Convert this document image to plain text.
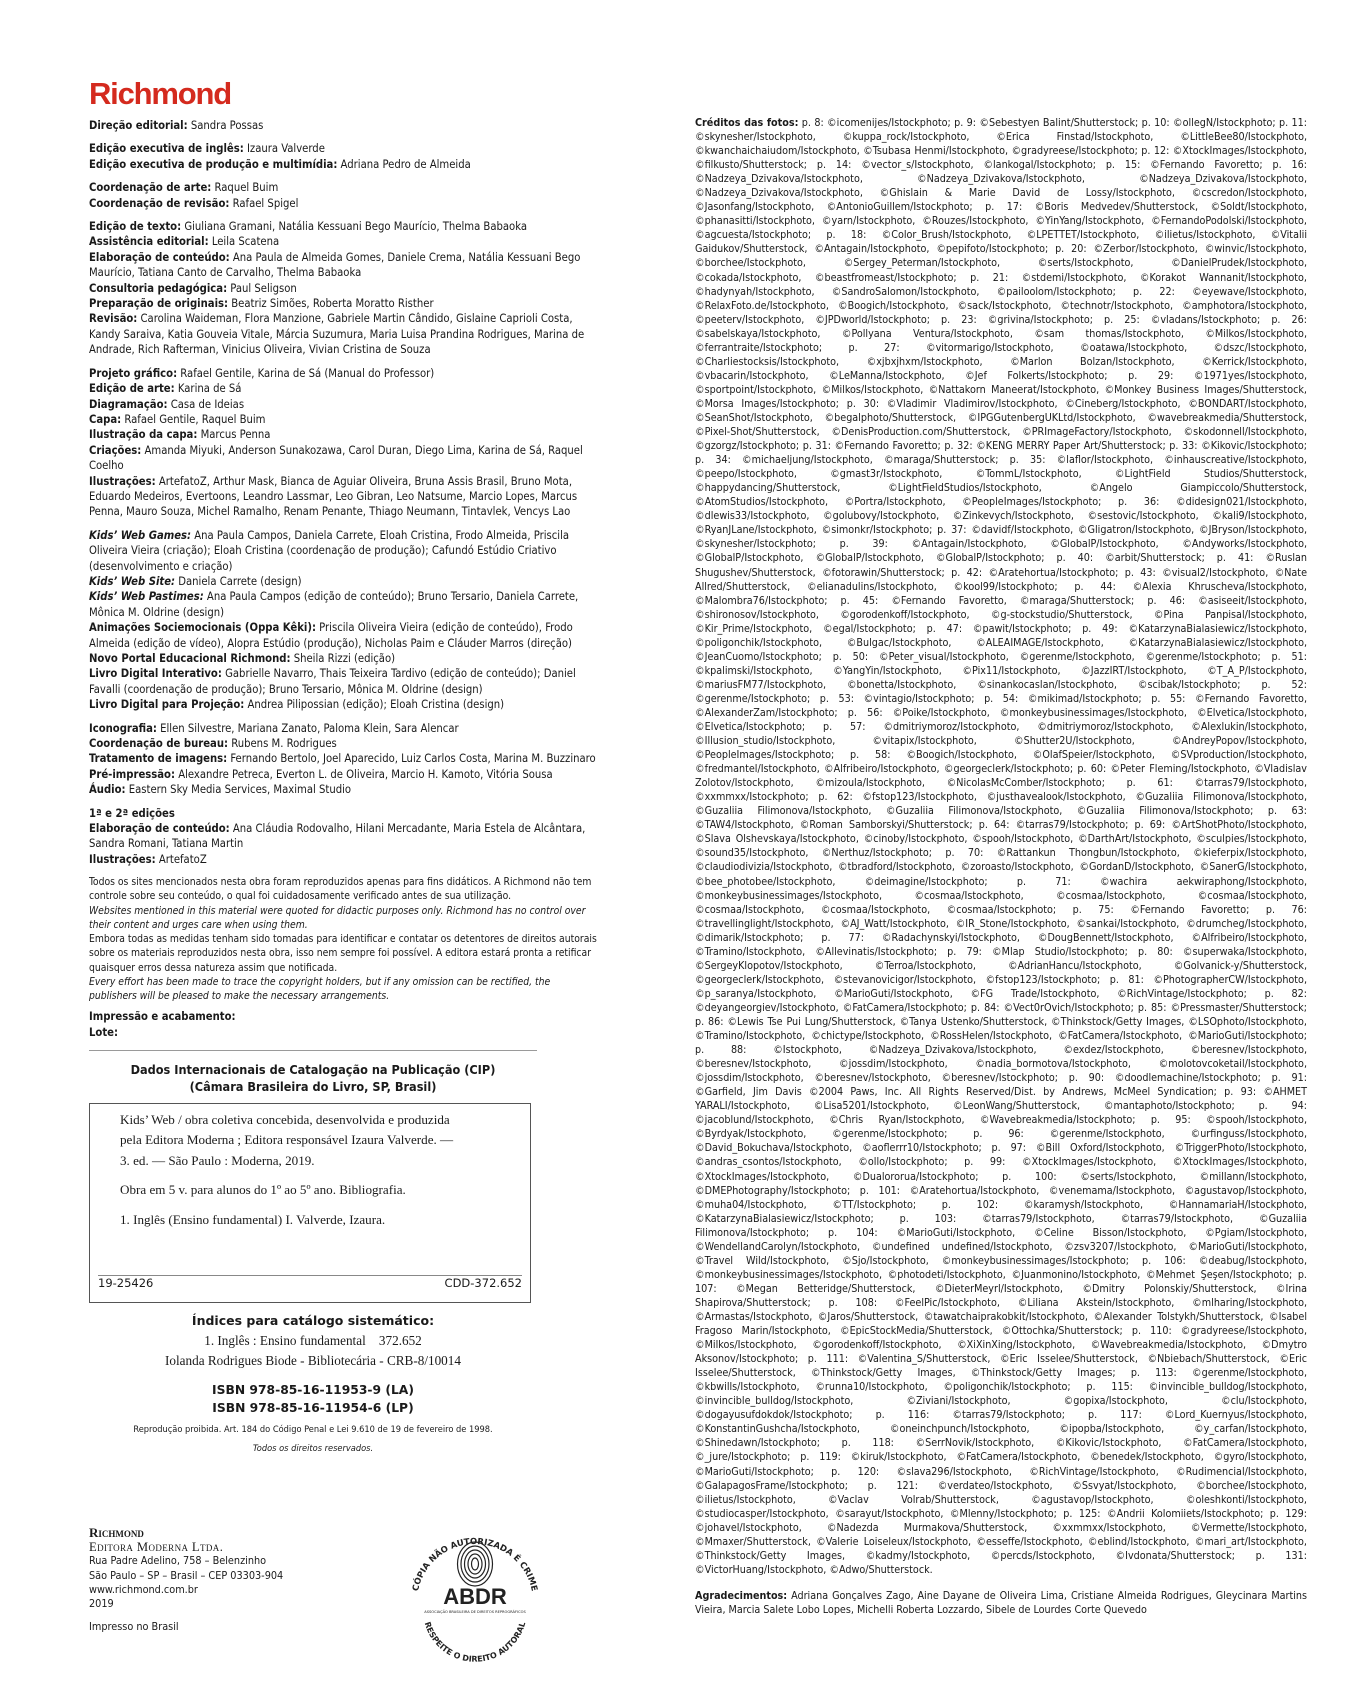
Richmond
Direção editorial: Sandra Possas
Edição executiva de inglês: Izaura Valverde
Edição executiva de produção e multimídia: Adriana Pedro de Almeida
Coordenação de arte: Raquel Buim
Coordenação de revisão: Rafael Spigel
Edição de texto: Giuliana Gramani, Natália Kessuani Bego Maurício, Thelma Babaoka
Assistência editorial: Leila Scatena
Elaboração de conteúdo: Ana Paula de Almeida Gomes, Daniele Crema, Natália Kessuani Bego Maurício, Tatiana Canto de Carvalho, Thelma Babaoka
Consultoria pedagógica: Paul Seligson
Preparação de originais: Beatriz Simões, Roberta Moratto Risther
Revisão: Carolina Waideman, Flora Manzione, Gabriele Martin Cândido, Gislaine Caprioli Costa, Kandy Saraiva, Katia Gouveia Vitale, Márcia Suzumura, Maria Luisa Prandina Rodrigues, Marina de Andrade, Rich Rafterman, Vinicius Oliveira, Vivian Cristina de Souza
Projeto gráfico: Rafael Gentile, Karina de Sá (Manual do Professor)
Edição de arte: Karina de Sá
Diagramação: Casa de Ideias
Capa: Rafael Gentile, Raquel Buim
Ilustração da capa: Marcus Penna
Criações: Amanda Miyuki, Anderson Sunakozawa, Carol Duran, Diego Lima, Karina de Sá, Raquel Coelho
Ilustrações: ArtefatoZ, Arthur Mask, Bianca de Aguiar Oliveira, Bruna Assis Brasil, Bruno Mota, Eduardo Medeiros, Evertoons, Leandro Lassmar, Leo Gibran, Leo Natsume, Marcio Lopes, Marcus Penna, Mauro Souza, Michel Ramalho, Renam Penante, Thiago Neumann, Tintavlek, Vencys Lao
Kids’ Web Games: Ana Paula Campos, Daniela Carrete, Eloah Cristina, Frodo Almeida, Priscila Oliveira Vieira (criação); Eloah Cristina (coordenação de produção); Cafundó Estúdio Criativo (desenvolvimento e criação)
Kids’ Web Site: Daniela Carrete (design)
Kids’ Web Pastimes: Ana Paula Campos (edição de conteúdo); Bruno Tersario, Daniela Carrete, Mônica M. Oldrine (design)
Animações Sociemocionais (Oppa Kêki): Priscila Oliveira Vieira (edição de conteúdo), Frodo Almeida (edição de vídeo), Alopra Estúdio (produção), Nicholas Paim e Cláuder Marros (direção)
Novo Portal Educacional Richmond: Sheila Rizzi (edição)
Livro Digital Interativo: Gabrielle Navarro, Thais Teixeira Tardivo (edição de conteúdo); Daniel Favalli (coordenação de produção); Bruno Tersario, Mônica M. Oldrine (design)
Livro Digital para Projeção: Andrea Pilipossian (edição); Eloah Cristina (design)
Iconografia: Ellen Silvestre, Mariana Zanato, Paloma Klein, Sara Alencar
Coordenação de bureau: Rubens M. Rodrigues
Tratamento de imagens: Fernando Bertolo, Joel Aparecido, Luiz Carlos Costa, Marina M. Buzzinaro
Pré-impressão: Alexandre Petreca, Everton L. de Oliveira, Marcio H. Kamoto, Vitória Sousa
Áudio: Eastern Sky Media Services, Maximal Studio
1ª e 2ª edições
Elaboração de conteúdo: Ana Cláudia Rodovalho, Hilani Mercadante, Maria Estela de Alcântara, Sandra Romani, Tatiana Martin
Ilustrações: ArtefatoZ

Todos os sites mencionados nesta obra foram reproduzidos apenas para fins didáticos. A Richmond não tem controle sobre seu conteúdo, o qual foi cuidadosamente verificado antes de sua utilização.

Websites mentioned in this material were quoted for didactic purposes only. Richmond has no control over their content and urges care when using them.

Embora todas as medidas tenham sido tomadas para identificar e contatar os detentores de direitos autorais sobre os materiais reproduzidos nesta obra, isso nem sempre foi possível. A editora estará pronta a retificar quaisquer erros dessa natureza assim que notificada.

Every effort has been made to trace the copyright holders, but if any omission can be rectified, the publishers will be pleased to make the necessary arrangements.

Impressão e acabamento:
Lote:
Dados Internacionais de Catalogação na Publicação (CIP)
(Câmara Brasileira do Livro, SP, Brasil)

Kids’ Web / obra coletiva concebida, desenvolvida e produzida pela Editora Moderna ; Editora responsável Izaura Valverde. — 3. ed. — São Paulo : Moderna, 2019.

Obra em 5 v. para alunos do 1º ao 5º ano. Bibliografia.

1. Inglês (Ensino fundamental) I. Valverde, Izaura.

19-25426	CDD-372.652
Índices para catálogo sistemático:
1. Inglês : Ensino fundamental    372.652
Iolanda Rodrigues Biode - Bibliotecária - CRB-8/10014
ISBN 978-85-16-11953-9 (LA)
ISBN 978-85-16-11954-6 (LP)
Reprodução proibida. Art. 184 do Código Penal e Lei 9.610 de 19 de fevereiro de 1998.
Todos os direitos reservados.
Richmond
Editora Moderna Ltda.
Rua Padre Adelino, 758 – Belenzinho
São Paulo – SP – Brasil – CEP 03303-904
www.richmond.com.br
2019
Impresso no Brasil
CÓPIA NÃO AUTORIZADA É CRIME
ABDR
ASSOCIAÇÃO BRASILEIRA DE DIREITOS REPROGRÁFICOS
RESPEITE O DIREITO AUTORAL

Créditos das fotos: p. 8: ©icomenijes/Istockphoto; p. 9: ©Sebestyen Balint/Shutterstock; p. 10: ©ollegN/Istockphoto; p. 11: ©skynesher/Istockphoto, ©kuppa_rock/Istockphoto, ©Erica Finstad/Istockphoto, ©LittleBee80/Istockphoto, ©kwanchaichaiudom/Istockphoto, ©Tsubasa Henmi/Istockphoto, ©gradyreese/Istockphoto; p. 12: ©XtockImages/Istockphoto, ©filkusto/Shutterstock; p. 14: ©vector_s/Istockphoto, ©lankogal/Istockphoto; p. 15: ©Fernando Favoretto; p. 16: ©Nadzeya_Dzivakova/Istockphoto, ©Nadzeya_Dzivakova/Istockphoto, ©Nadzeya_Dzivakova/Istockphoto, ©Nadzeya_Dzivakova/Istockphoto, ©Ghislain & Marie David de Lossy/Istockphoto, ©cscredon/Istockphoto, ©Jasonfang/Istockphoto, ©AntonioGuillem/Istockphoto; p. 17: ©Boris Medvedev/Shutterstock, ©Soldt/Istockphoto, ©phanasitti/Istockphoto, ©yarn/Istockphoto, ©Rouzes/Istockphoto, ©YinYang/Istockphoto, ©FernandoPodolski/Istockphoto, ©agcuesta/Istockphoto; p. 18: ©Color_Brush/Istockphoto, ©LPETTET/Istockphoto, ©ilietus/Istockphoto, ©Vitalii Gaidukov/Shutterstock, ©Antagain/Istockphoto, ©pepifoto/Istockphoto; p. 20: ©Zerbor/Istockphoto, ©winvic/Istockphoto, ©borchee/Istockphoto, ©Sergey_Peterman/Istockphoto, ©serts/Istockphoto, ©DanielPrudek/Istockphoto, ©cokada/Istockphoto, ©beastfromeast/Istockphoto; p. 21: ©stdemi/Istockphoto, ©Korakot Wannanit/Istockphoto, ©hadynyah/Istockphoto, ©SandroSalomon/Istockphoto, ©pailoolom/Istockphoto; p. 22: ©eyewave/Istockphoto, ©RelaxFoto.de/Istockphoto, ©Boogich/Istockphoto, ©sack/Istockphoto, ©technotr/Istockphoto, ©amphotora/Istockphoto, ©peeterv/Istockphoto, ©JPDworld/Istockphoto; p. 23: ©grivina/Istockphoto; p. 25: ©vladans/Istockphoto; p. 26: ©sabelskaya/Istockphoto, ©Pollyana Ventura/Istockphoto, ©sam thomas/Istockphoto, ©Milkos/Istockphoto, ©ferrantraite/Istockphoto; p. 27: ©vitormarigo/Istockphoto, ©oatawa/Istockphoto, ©dszc/Istockphoto, ©Charliestocksis/Istockphoto, ©xjbxjhxm/Istockphoto, ©Marlon Bolzan/Istockphoto, ©Kerrick/Istockphoto, ©vbacarin/Istockphoto, ©LeManna/Istockphoto, ©Jef Folkerts/Istockphoto; p. 29: ©1971yes/Istockphoto, ©sportpoint/Istockphoto, ©Milkos/Istockphoto, ©Nattakorn Maneerat/Istockphoto, ©Monkey Business Images/Shutterstock, ©Morsa Images/Istockphoto; p. 30: ©Vladimir Vladimirov/Istockphoto, ©Cineberg/Istockphoto, ©BONDART/Istockphoto, ©SeanShot/Istockphoto, ©begalphoto/Shutterstock, ©IPGGutenbergUKLtd/Istockphoto, ©wavebreakmedia/Shutterstock, ©Pixel-Shot/Shutterstock, ©DenisProduction.com/Shutterstock, ©PRImageFactory/Istockphoto, ©skodonnell/Istockphoto, ©gzorgz/Istockphoto; p. 31: ©Fernando Favoretto; p. 32: ©KENG MERRY Paper Art/Shutterstock; p. 33: ©Kikovic/Istockphoto; p. 34: ©michaeljung/Istockphoto, ©maraga/Shutterstock; p. 35: ©laflor/Istockphoto, ©inhauscreative/Istockphoto, ©peepo/Istockphoto, ©gmast3r/Istockphoto, ©TommL/Istockphoto, ©LightField Studios/Shutterstock, ©happydancing/Shutterstock, ©LightFieldStudios/Istockphoto, ©Angelo Giampiccolo/Shutterstock, ©AtomStudios/Istockphoto, ©Portra/Istockphoto, ©PeopleImages/Istockphoto; p. 36: ©didesign021/Istockphoto, ©dlewis33/Istockphoto, ©golubovy/Istockphoto, ©Zinkevych/Istockphoto, ©sestovic/Istockphoto, ©kali9/Istockphoto, ©RyanJLane/Istockphoto, ©simonkr/Istockphoto; p. 37: ©davidf/Istockphoto, ©Gligatron/Istockphoto, ©JBryson/Istockphoto, ©skynesher/Istockphoto; p. 39: ©Antagain/Istockphoto, ©GlobalP/Istockphoto, ©Andyworks/Istockphoto, ©GlobalP/Istockphoto, ©GlobalP/Istockphoto, ©GlobalP/Istockphoto; p. 40: ©arbit/Shutterstock; p. 41: ©Ruslan Shugushev/Shutterstock, ©fotorawin/Shutterstock; p. 42: ©Aratehortua/Istockphoto; p. 43: ©visual2/Istockphoto, ©Nate Allred/Shutterstock, ©elianadulins/Istockphoto, ©kool99/Istockphoto; p. 44: ©Alexia Khruscheva/Istockphoto, ©Malombra76/Istockphoto; p. 45: ©Fernando Favoretto, ©maraga/Shutterstock; p. 46: ©asiseeit/Istockphoto, ©shironosov/Istockphoto, ©gorodenkoff/Istockphoto, ©g-stockstudio/Shutterstock, ©Pina Panpisal/Istockphoto, ©Kir_Prime/Istockphoto, ©egal/Istockphoto; p. 47: ©pawit/Istockphoto; p. 49: ©KatarzynaBialasiewicz/Istockphoto, ©poligonchik/Istockphoto, ©Bulgac/Istockphoto, ©ALEAIMAGE/Istockphoto, ©KatarzynaBialasiewicz/Istockphoto, ©JeanCuomo/Istockphoto; p. 50: ©Peter_visual/Istockphoto, ©gerenme/Istockphoto, ©gerenme/Istockphoto; p. 51: ©kpalimski/Istockphoto, ©YangYin/Istockphoto, ©Pix11/Istockphoto, ©JazzIRT/Istockphoto, ©T_A_P/Istockphoto, ©mariusFM77/Istockphoto, ©bonetta/Istockphoto, ©sinankocaslan/Istockphoto, ©scibak/Istockphoto; p. 52: ©gerenme/Istockphoto; p. 53: ©vintagio/Istockphoto; p. 54: ©mikimad/Istockphoto; p. 55: ©Fernando Favoretto, ©AlexanderZam/Istockphoto; p. 56: ©Poike/Istockphoto, ©monkeybusinessimages/Istockphoto, ©Elvetica/Istockphoto, ©Elvetica/Istockphoto; p. 57: ©dmitriymoroz/Istockphoto, ©dmitriymoroz/Istockphoto, ©Alexlukin/Istockphoto, ©Illusion_studio/Istockphoto, ©vitapix/Istockphoto, ©Shutter2U/Istockphoto, ©AndreyPopov/Istockphoto, ©PeopleImages/Istockphoto; p. 58: ©Boogich/Istockphoto, ©OlafSpeier/Istockphoto, ©SVproduction/Istockphoto, ©fredmantel/Istockphoto, ©Alfribeiro/Istockphoto, ©georgeclerk/Istockphoto; p. 60: ©Peter Fleming/Istockphoto, ©Vladislav Zolotov/Istockphoto, ©mizoula/Istockphoto, ©NicolasMcComber/Istockphoto; p. 61: ©tarras79/Istockphoto, ©xxmmxx/Istockphoto; p. 62: ©fstop123/Istockphoto, ©justhavealook/Istockphoto, ©Guzaliia Filimonova/Istockphoto, ©Guzaliia Filimonova/Istockphoto, ©Guzaliia Filimonova/Istockphoto, ©Guzaliia Filimonova/Istockphoto; p. 63: ©TAW4/Istockphoto, ©Roman Samborskyi/Shutterstock; p. 64: ©tarras79/Istockphoto; p. 69: ©ArtShotPhoto/Istockphoto, ©Slava Olshevskaya/Istockphoto, ©cinoby/Istockphoto, ©spooh/Istockphoto, ©DarthArt/Istockphoto, ©sculpies/Istockphoto, ©sound35/Istockphoto, ©Nerthuz/Istockphoto; p. 70: ©Rattankun Thongbun/Istockphoto, ©kieferpix/Istockphoto, ©claudiodivizia/Istockphoto, ©tbradford/Istockphoto, ©zoroasto/Istockphoto, ©GordanD/Istockphoto, ©SanerG/Istockphoto, ©bee_photobee/Istockphoto, ©deimagine/Istockphoto; p. 71: ©wachira aekwiraphong/Istockphoto, ©monkeybusinessimages/Istockphoto, ©cosmaa/Istockphoto, ©cosmaa/Istockphoto, ©cosmaa/Istockphoto, ©cosmaa/Istockphoto, ©cosmaa/Istockphoto, ©cosmaa/Istockphoto; p. 75: ©Fernando Favoretto; p. 76: ©travellinglight/Istockphoto, ©AJ_Watt/Istockphoto, ©IR_Stone/Istockphoto, ©sankai/Istockphoto, ©drumcheg/Istockphoto, ©dimarik/Istockphoto; p. 77: ©Radachynskyi/Istockphoto, ©DougBennett/Istockphoto, ©Alfribeiro/Istockphoto, ©Tramino/Istockphoto, ©Allevinatis/Istockphoto; p. 79: ©Mlap Studio/Istockphoto; p. 80: ©superwaka/Istockphoto, ©SergeyKlopotov/Istockphoto, ©Terroa/Istockphoto, ©AdrianHancu/Istockphoto, ©Golvanick-y/Shutterstock, ©georgeclerk/Istockphoto, ©stevanovicigor/Istockphoto, ©fstop123/Istockphoto; p. 81: ©PhotographerCW/Istockphoto, ©p_saranya/Istockphoto, ©MarioGuti/Istockphoto, ©FG Trade/Istockphoto, ©RichVintage/Istockphoto; p. 82: ©deyangeorgiev/Istockphoto, ©FatCamera/Istockphoto; p. 84: ©Vect0rOvich/Istockphoto; p. 85: ©Pressmaster/Shutterstock; p. 86: ©Lewis Tse Pui Lung/Shutterstock, ©Tanya Ustenko/Shutterstock, ©Thinkstock/Getty Images, ©LSOphoto/Istockphoto, ©Tramino/Istockphoto, ©chictype/Istockphoto, ©RossHelen/Istockphoto, ©FatCamera/Istockphoto, ©MarioGuti/Istockphoto; p. 88: ©Istockphoto, ©Nadzeya_Dzivakova/Istockphoto, ©exdez/Istockphoto, ©beresnev/Istockphoto, ©beresnev/Istockphoto, ©jossdim/Istockphoto, ©nadia_bormotova/Istockphoto, ©molotovcoketail/Istockphoto, ©jossdim/Istockphoto, ©beresnev/Istockphoto, ©beresnev/Istockphoto; p. 90: ©doodlemachine/Istockphoto; p. 91: ©Garfield, Jim Davis ©2004 Paws, Inc. All Rights Reserved/Dist. by Andrews, McMeel Syndication; p. 93: ©AHMET YARALI/Istockphoto, ©Lisa5201/Istockphoto, ©LeonWang/Shutterstock, ©mantaphoto/Istockphoto; p. 94: ©jacoblund/Istockphoto, ©Chris Ryan/Istockphoto, ©Wavebreakmedia/Istockphoto; p. 95: ©spooh/Istockphoto, ©Byrdyak/Istockphoto, ©gerenme/Istockphoto; p. 96: ©gerenme/Istockphoto, ©urfinguss/Istockphoto, ©David_Bokuchava/Istockphoto, ©aoflerrr10/Istockphoto; p. 97: ©Bill Oxford/Istockphoto, ©TriggerPhoto/Istockphoto, ©andras_csontos/Istockphoto, ©ollo/Istockphoto; p. 99: ©XtockImages/Istockphoto, ©XtockImages/Istockphoto, ©XtockImages/Istockphoto, ©Dualororua/Istockphoto; p. 100: ©serts/Istockphoto, ©millann/Istockphoto, ©DMEPhotography/Istockphoto; p. 101: ©Aratehortua/Istockphoto, ©venemama/Istockphoto, ©agustavop/Istockphoto, ©muha04/Istockphoto, ©TT/Istockphoto; p. 102: ©karamysh/Istockphoto, ©HannamariaH/Istockphoto, ©KatarzynaBialasiewicz/Istockphoto; p. 103: ©tarras79/Istockphoto, ©tarras79/Istockphoto, ©Guzaliia Filimonova/Istockphoto; p. 104: ©MarioGuti/Istockphoto, ©Celine Bisson/Istockphoto, ©Pgiam/Istockphoto, ©WendellandCarolyn/Istockphoto, ©undefined undefined/Istockphoto, ©zsv3207/Istockphoto, ©MarioGuti/Istockphoto, ©Travel Wild/Istockphoto, ©Sjo/Istockphoto, ©monkeybusinessimages/Istockphoto; p. 106: ©deabug/Istockphoto, ©monkeybusinessimages/Istockphoto, ©photodeti/Istockphoto, ©Juanmonino/Istockphoto, ©Mehmet Şeşen/Istockphoto; p. 107: ©Megan Betteridge/Shutterstock, ©DieterMeyrl/Istockphoto, ©Dmitry Polonskiy/Shutterstock, ©Irina Shapirova/Shutterstock; p. 108: ©FeelPic/Istockphoto, ©Liliana Akstein/Istockphoto, ©mlharing/Istockphoto, ©Armastas/Istockphoto, ©Jaros/Shutterstock, ©tawatchaiprakobkit/Istockphoto, ©Alexander Tolstykh/Shutterstock, ©Isabel Fragoso Marin/Istockphoto, ©EpicStockMedia/Shutterstock, ©Ottochka/Shutterstock; p. 110: ©gradyreese/Istockphoto, ©Milkos/Istockphoto, ©gorodenkoff/Istockphoto, ©XiXinXing/Istockphoto, ©Wavebreakmedia/Istockphoto, ©Dmytro Aksonov/Istockphoto; p. 111: ©Valentina_S/Shutterstock, ©Eric Isselee/Shutterstock, ©Nbiebach/Shutterstock, ©Eric Isselee/Shutterstock, ©Thinkstock/Getty Images, ©Thinkstock/Getty Images; p. 113: ©gerenme/Istockphoto, ©kbwills/Istockphoto, ©runna10/Istockphoto, ©poligonchik/Istockphoto; p. 115: ©invincible_bulldog/Istockphoto, ©invincible_bulldog/Istockphoto, ©Ziviani/Istockphoto, ©gopixa/Istockphoto, ©clu/Istockphoto, ©dogayusufdokdok/Istockphoto; p. 116: ©tarras79/Istockphoto; p. 117: ©Lord_Kuernyus/Istockphoto, ©KonstantinGushcha/Istockphoto, ©oneinchpunch/Istockphoto, ©ipopba/Istockphoto, ©y_carfan/Istockphoto, ©Shinedawn/Istockphoto; p. 118: ©SerrNovik/Istockphoto, ©Kikovic/Istockphoto, ©FatCamera/Istockphoto, ©_jure/Istockphoto; p. 119: ©kiruk/Istockphoto, ©FatCamera/Istockphoto, ©benedek/Istockphoto, ©gyro/Istockphoto, ©MarioGuti/Istockphoto; p. 120: ©slava296/Istockphoto, ©RichVintage/Istockphoto, ©Rudimencial/Istockphoto, ©GalapagosFrame/Istockphoto; p. 121: ©verdateo/Istockphoto, ©Ssvyat/Istockphoto, ©borchee/Istockphoto, ©ilietus/Istockphoto, ©Vaclav Volrab/Shutterstock, ©agustavop/Istockphoto, ©oleshkonti/Istockphoto, ©studiocasper/Istockphoto, ©sarayut/Istockphoto, ©Mlenny/Istockphoto; p. 125: ©Andrii Kolomiiets/Istockphoto; p. 129: ©johavel/Istockphoto, ©Nadezda Murmakova/Shutterstock, ©xxmmxx/Istockphoto, ©Vermette/Istockphoto, ©Mmaxer/Shutterstock, ©Valerie Loiseleux/Istockphoto, ©esseffe/Istockphoto, ©eblind/Istockphoto, ©mari_art/Istockphoto, ©Thinkstock/Getty Images, ©kadmy/Istockphoto, ©percds/Istockphoto, ©Ivdonata/Shutterstock; p. 131: ©VictorHuang/Istockphoto, ©Adwo/Shutterstock.

Agradecimentos: Adriana Gonçalves Zago, Aine Dayane de Oliveira Lima, Cristiane Almeida Rodrigues, Gleycinara Martins Vieira, Marcia Salete Lobo Lopes, Michelli Roberta Lozzardo, Sibele de Lourdes Corte Quevedo
